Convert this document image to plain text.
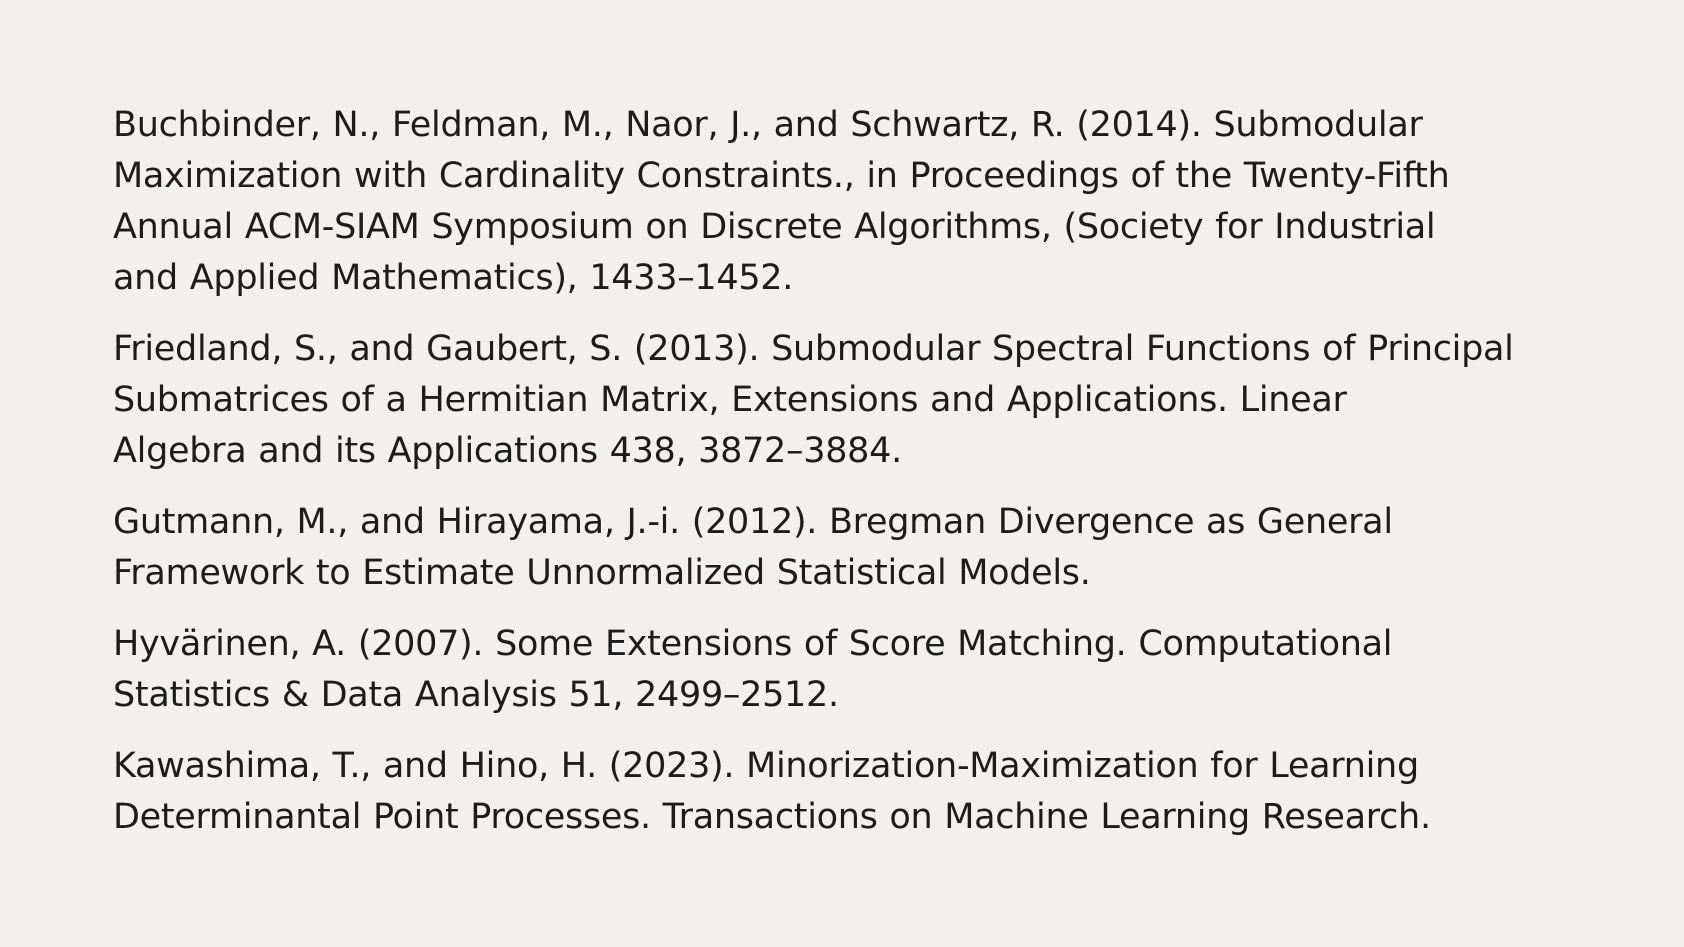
Buchbinder, N., Feldman, M., Naor, J., and Schwartz, R. (2014). Submodular
Maximization with Cardinality Constraints., in Proceedings of the Twenty-Fifth
Annual ACM-SIAM Symposium on Discrete Algorithms, (Society for Industrial
and Applied Mathematics), 1433–1452.

Friedland, S., and Gaubert, S. (2013). Submodular Spectral Functions of Principal
Submatrices of a Hermitian Matrix, Extensions and Applications. Linear
Algebra and its Applications 438, 3872–3884.

Gutmann, M., and Hirayama, J.-i. (2012). Bregman Divergence as General
Framework to Estimate Unnormalized Statistical Models.

Hyvärinen, A. (2007). Some Extensions of Score Matching. Computational
Statistics & Data Analysis 51, 2499–2512.

Kawashima, T., and Hino, H. (2023). Minorization-Maximization for Learning
Determinantal Point Processes. Transactions on Machine Learning Research.
